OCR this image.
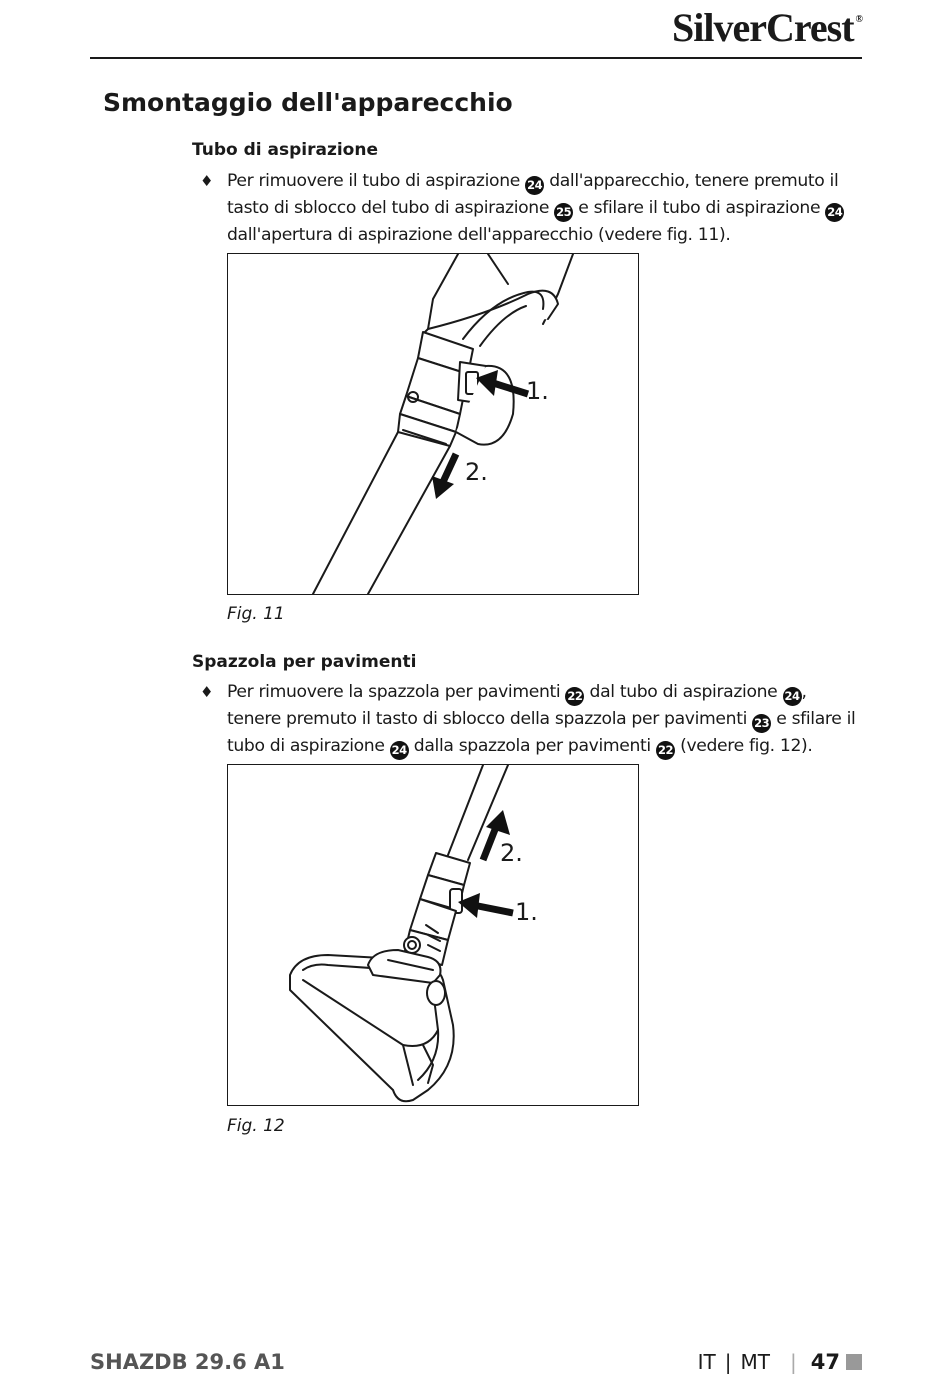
SilverCrest ®
Smontaggio dell'apparecchio
Tubo di aspirazione
♦ Per rimuovere il tubo di aspirazione 24 dall'apparecchio, tenere premuto il tasto di sblocco del tubo di aspirazione 25 e sfilare il tubo di aspirazione 24 dall'apertura di aspirazione dell'apparecchio (vedere fig. 11).
1.
2.
Fig. 11
Spazzola per pavimenti
♦ Per rimuovere la spazzola per pavimenti 22 dal tubo di aspirazione 24 , tenere premuto il tasto di sblocco della spazzola per pavimenti 23 e sfilare il tubo di aspirazione 24 dalla spazzola per pavimenti 22 (vedere fig. 12).
2.
1.
Fig. 12
SHAZDB 29.6 A1	IT | MT | 47
